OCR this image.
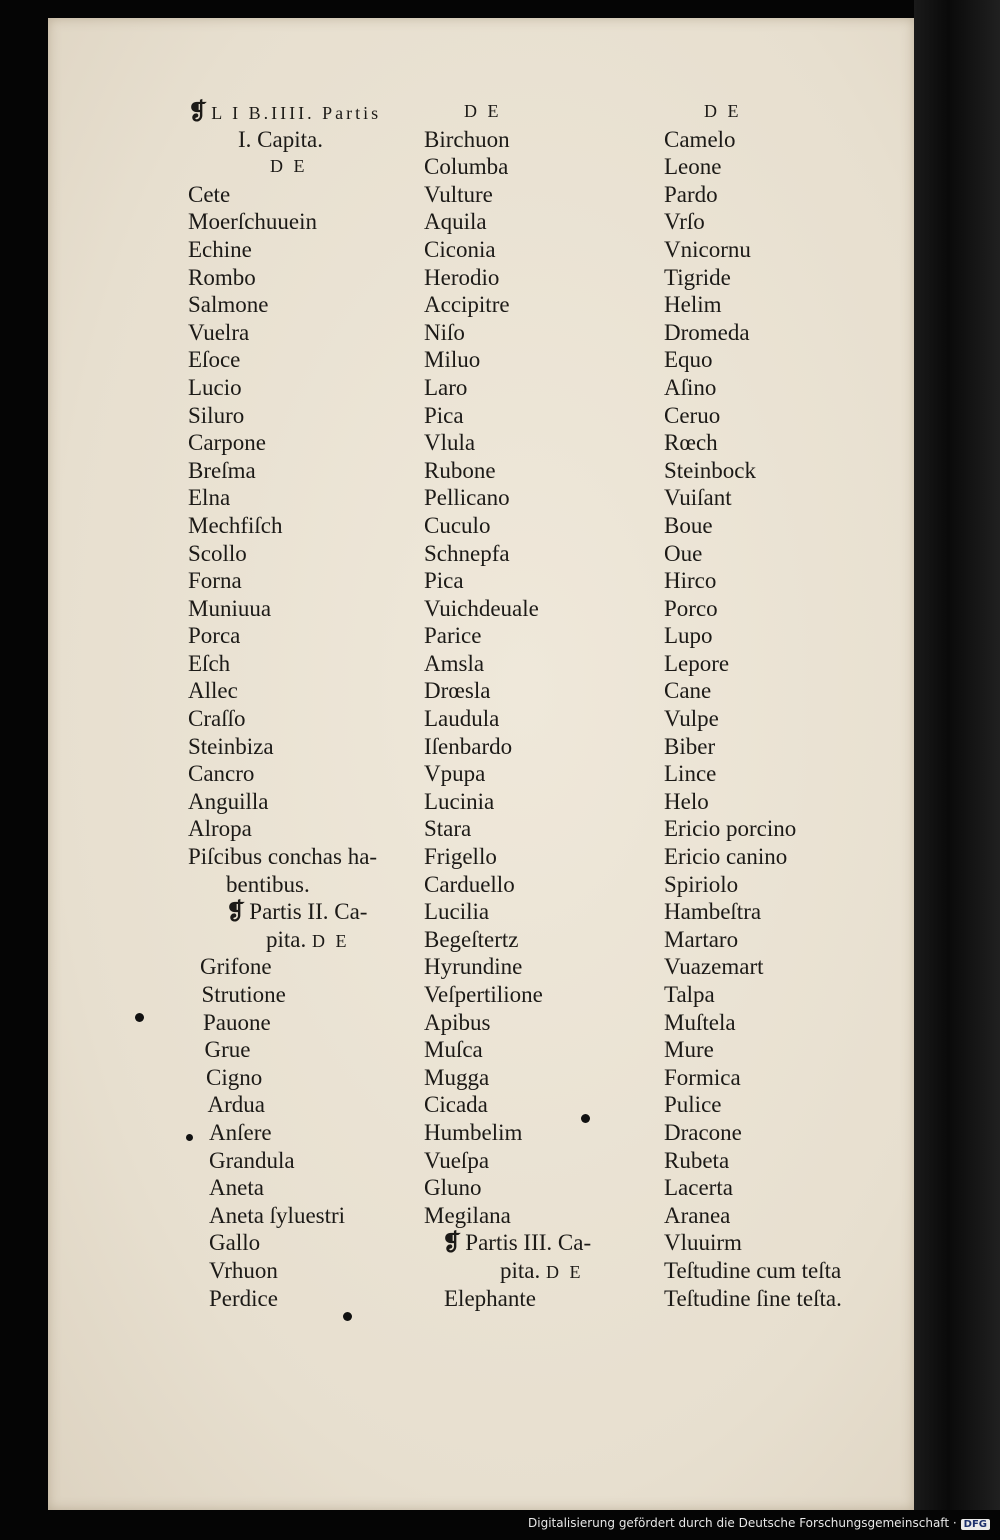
❡ L I B.IIII. Partis
I. Capita.
D E
Cete
Moerſchuuein
Echine
Rombo
Salmone
Vuelra
Eſoce
Lucio
Siluro
Carpone
Breſma
Elna
Mechfiſch
Scollo
Forna
Muniuua
Porca
Eſch
Allec
Craſſo
Steinbiza
Cancro
Anguilla
Alropa
Piſcibus conchas ha-
bentibus.
❡ Partis II. Ca-
pita. D E
Grifone
Strutione
Pauone
Grue
Cigno
Ardua
Anſere
Grandula
Aneta
Aneta ſyluestri
Gallo
Vrhuon
Perdice
D E
Birchuon
Columba
Vulture
Aquila
Ciconia
Herodio
Accipitre
Niſo
Miluo
Laro
Pica
Vlula
Rubone
Pellicano
Cuculo
Schnepfa
Pica
Vuichdeuale
Parice
Amsla
Drœsla
Laudula
Iſenbardo
Vpupa
Lucinia
Stara
Frigello
Carduello
Lucilia
Begeſtertz
Hyrundine
Veſpertilione
Apibus
Muſca
Mugga
Cicada
Humbelim
Vueſpa
Gluno
Megilana
❡ Partis III. Ca-
pita. D E
Elephante
D E
Camelo
Leone
Pardo
Vrſo
Vnicornu
Tigride
Helim
Dromeda
Equo
Aſino
Ceruo
Rœch
Steinbock
Vuiſant
Boue
Oue
Hirco
Porco
Lupo
Lepore
Cane
Vulpe
Biber
Lince
Helo
Ericio porcino
Ericio canino
Spiriolo
Hambeſtra
Martaro
Vuazemart
Talpa
Muſtela
Mure
Formica
Pulice
Dracone
Rubeta
Lacerta
Aranea
Vluuirm
Teſtudine cum teſta
Teſtudine ſine teſta.
Digitalisierung gefördert durch die Deutsche Forschungsgemeinschaft · DFG
